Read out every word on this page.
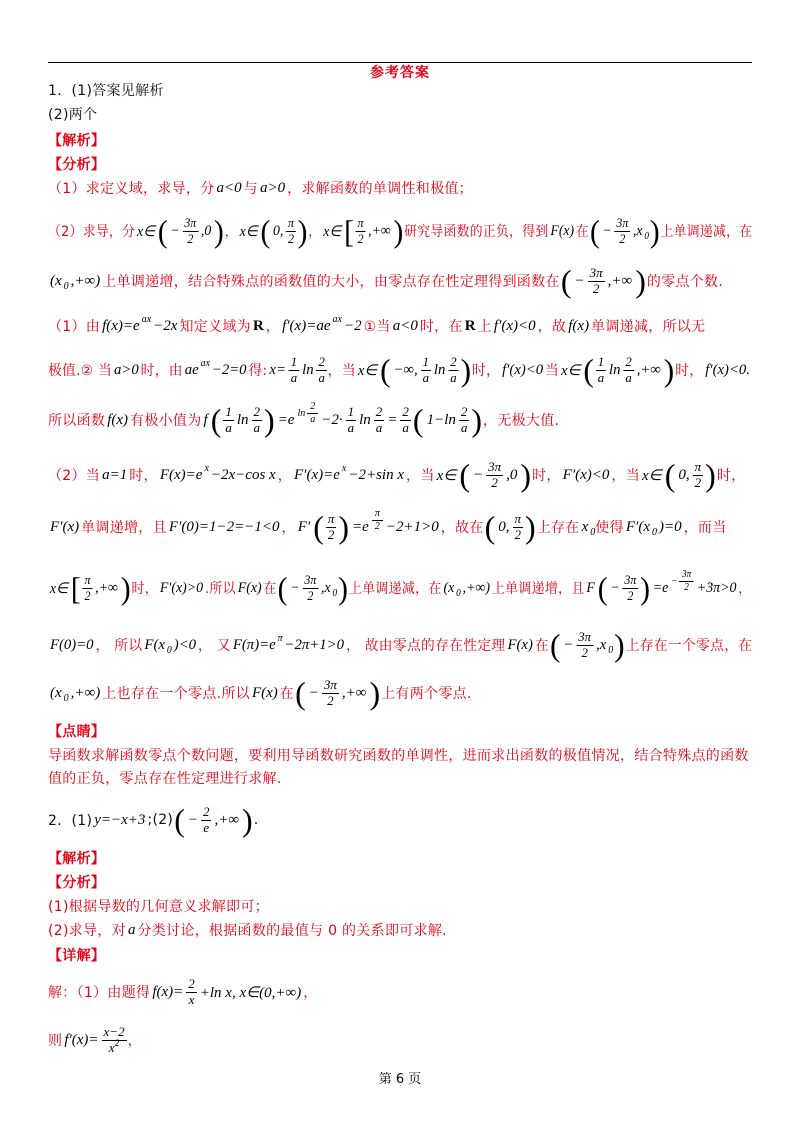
参考答案
1．(1)答案见解析
(2)两个
【解析】
【分析】
（1）求定义域，求导，分 a<0 与 a>0 ，求解函数的单调性和极值；
（2）求导，分 x∈ ( − $\frac{3\pi}{2} ,0$ ) ， x∈ ( 0, $\frac{\pi}{2}$ ) ， x∈ [ $\frac{\pi}{2}$ ,+∞ ) 研究导函数的正负，得到 F(x) 在 ( − $\frac{3\pi}{2} ,x$ 0 ) 上单调递减，在
(x 0 ,+∞) 上单调递增，结合特殊点的函数值的大小，由零点存在性定理得到函数在 ( − $\frac{3\pi}{2}$ ,+∞ ) 的零点个数.
（1）由 f(x)=e ax −2x 知定义域为 R ， f′(x)=ae ax −2 ①当 a<0 时，在 R 上 f′(x)<0 ，故 f(x) 单调递减，所以无
极值.② 当 a>0 时，由 ae ax −2=0 得: $x= \frac{1}{a}$ $\ln \frac{2}{a}$ ，当 x∈ ( −∞, $\frac{1}{a}$ $\ln \frac{2}{a}$ ) 时， f′(x)<0 当 x∈ ( $\frac{1}{a}$ $\ln \frac{2}{a}$ ,+∞ ) 时， f′(x)<0.
所以函数 f(x) 有极小值为 f ( $\frac{1}{a}$ $\ln \frac{2}{a}$ ) =e $\ln \frac{2}{a} -2\cdot \frac{1}{a}$ $\ln \frac{2}{a} = \frac{2}{a}$ ( $1-\ln \frac{2}{a}$ ) ，无极大值.
（2）当 a=1 时， F(x)=e x −2x−cos x ， F′(x)=e x −2+sin x ，当 x∈ ( − $\frac{3\pi}{2} ,0$ ) 时， F′(x)<0 ，当 x∈ ( 0, $\frac{\pi}{2}$ ) 时，
F′(x) 单调递增，且 F′(0)=1−2=−1<0 ， F′ ( $\frac{\pi}{2}$ ) $=e \frac{\pi}{2} -2+1>0$ ，故在 ( 0, $\frac{\pi}{2}$ ) 上存在 x 0 使得 F′(x 0 )=0 ，而当
x∈ [ $\frac{\pi}{2}$ ,+∞ ) 时， F′(x)>0 .所以 F(x) 在 ( − $\frac{3\pi}{2} ,x$ 0 ) 上单调递减，在 (x 0 ,+∞) 上单调递增，且 F ( − $\frac{3\pi}{2}$ ) $=e - \frac{3\pi}{2} +3\pi>0$ ，
F(0)=0 ， 所以 F(x 0 )<0 ， 又 F(π)=e π −2π+1>0 ， 故由零点的存在性定理 F(x) 在 ( − $\frac{3\pi}{2} ,x$ 0 ) 上存在一个零点，在
(x 0 ,+∞) 上也存在一个零点.所以 F(x) 在 ( − $\frac{3\pi}{2}$ ,+∞ ) 上有两个零点.
【点睛】
导函数求解函数零点个数问题，要利用导函数研究函数的单调性，进而求出函数的极值情况，结合特殊点的函数
值的正负，零点存在性定理进行求解.
2．(1) y=−x+3 ;(2) ( − $\frac{2}{e}$ ,+∞ ) .
【解析】
【分析】
(1)根据导数的几何意义求解即可；
(2)求导，对 a 分类讨论，根据函数的最值与 0 的关系即可求解.
【详解】
解：（1）由题得 $f(x)= \frac{2}{x} +\ln$ x, x∈(0,+∞) ，
则 $f'(x)= \frac{x-2}{x 2}$ ，
第 6 页
